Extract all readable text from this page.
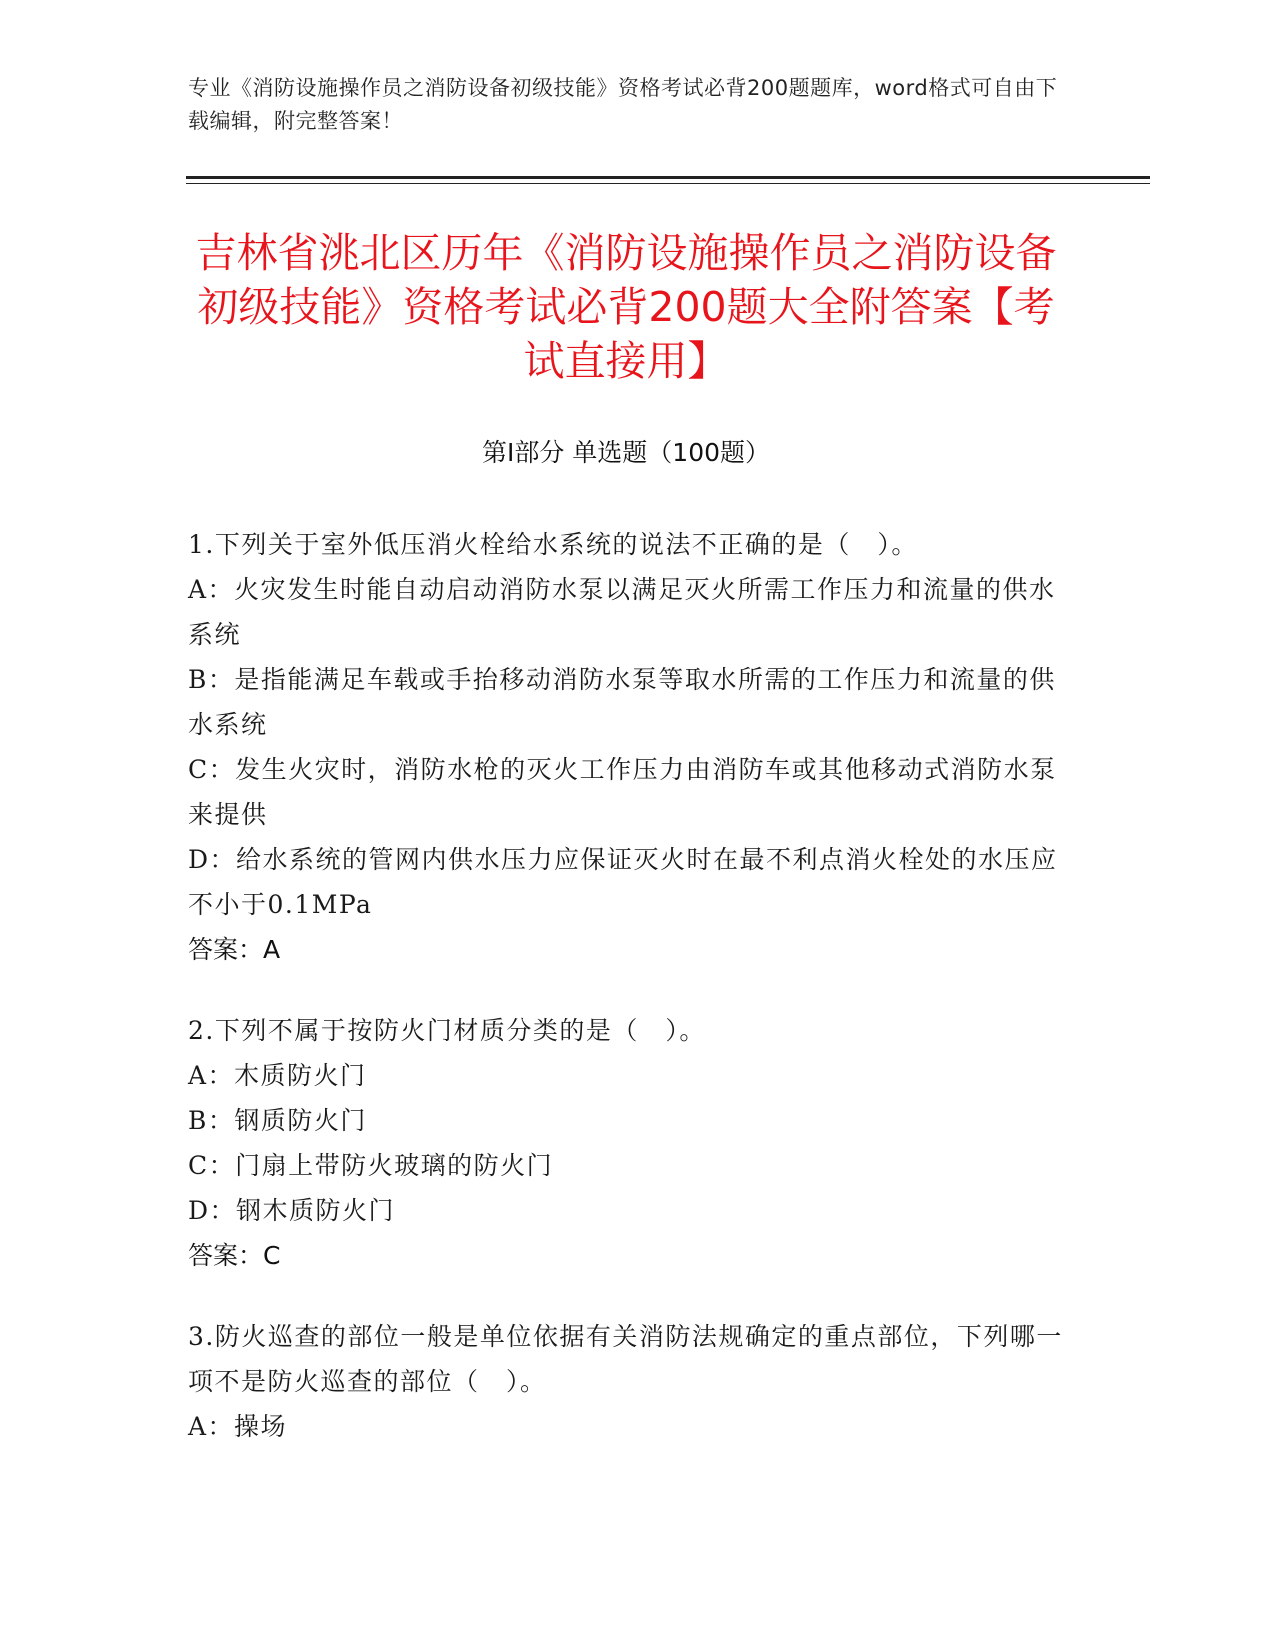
专业《消防设施操作员之消防设备初级技能》资格考试必背200题题库，word格式可自由下载编辑，附完整答案！
吉林省洮北区历年《消防设施操作员之消防设备初级技能》资格考试必背200题大全附答案【考试直接用】
第I部分 单选题（100题）
1.下列关于室外低压消火栓给水系统的说法不正确的是（　）。
A：火灾发生时能自动启动消防水泵以满足灭火所需工作压力和流量的供水系统
B：是指能满足车载或手抬移动消防水泵等取水所需的工作压力和流量的供水系统
C：发生火灾时，消防水枪的灭火工作压力由消防车或其他移动式消防水泵来提供
D：给水系统的管网内供水压力应保证灭火时在最不利点消火栓处的水压应不小于0.1MPa
答案：A
2.下列不属于按防火门材质分类的是（　）。
A：木质防火门
B：钢质防火门
C：门扇上带防火玻璃的防火门
D：钢木质防火门
答案：C
3.防火巡查的部位一般是单位依据有关消防法规确定的重点部位，下列哪一项不是防火巡查的部位（　）。
A：操场
